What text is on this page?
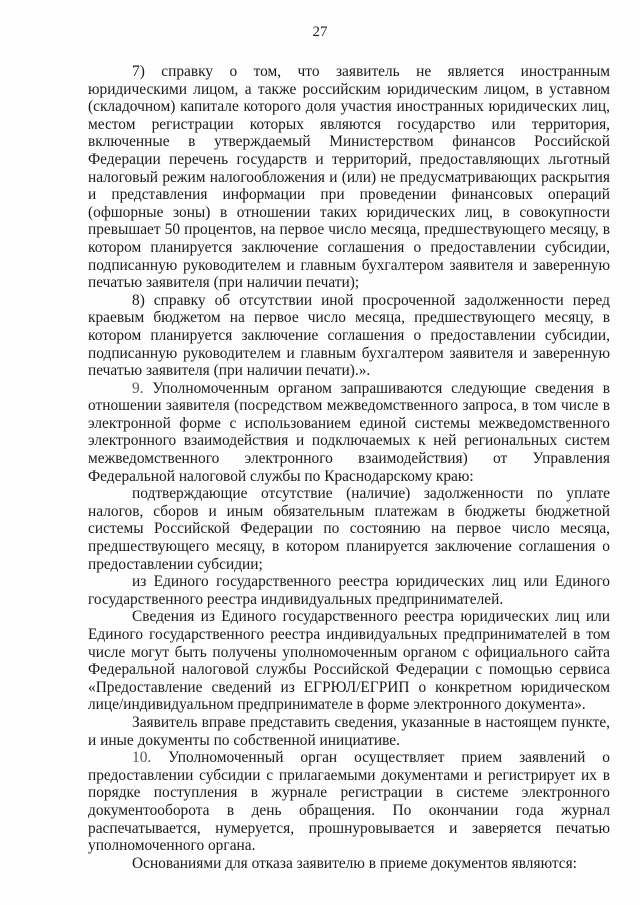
27

7) справку о том, что заявитель не является иностранным юридическими лицом, а также российским юридическим лицом, в уставном (складочном) капитале которого доля участия иностранных юридических лиц, местом регистрации которых являются государство или территория, включенные в утверждаемый Министерством финансов Российской Федерации перечень государств и территорий, предоставляющих льготный налоговый режим налогообложения и (или) не предусматривающих раскрытия и представления информации при проведении финансовых операций (офшорные зоны) в отношении таких юридических лиц, в совокупности превышает 50 процентов, на первое число месяца, предшествующего месяцу, в котором планируется заключение соглашения о предоставлении субсидии, подписанную руководителем и главным бухгалтером заявителя и заверенную печатью заявителя (при наличии печати);

8) справку об отсутствии иной просроченной задолженности перед краевым бюджетом на первое число месяца, предшествующего месяцу, в котором планируется заключение соглашения о предоставлении субсидии, подписанную руководителем и главным бухгалтером заявителя и заверенную печатью заявителя (при наличии печати).».

9. Уполномоченным органом запрашиваются следующие сведения в отношении заявителя (посредством межведомственного запроса, в том числе в электронной форме с использованием единой системы межведомственного электронного взаимодействия и подключаемых к ней региональных систем межведомственного электронного взаимодействия) от Управления Федеральной налоговой службы по Краснодарскому краю:

подтверждающие отсутствие (наличие) задолженности по уплате налогов, сборов и иным обязательным платежам в бюджеты бюджетной системы Российской Федерации по состоянию на первое число месяца, предшествующего месяцу, в котором планируется заключение соглашения о предоставлении субсидии;

из Единого государственного реестра юридических лиц или Единого государственного реестра индивидуальных предпринимателей.

Сведения из Единого государственного реестра юридических лиц или Единого государственного реестра индивидуальных предпринимателей в том числе могут быть получены уполномоченным органом с официального сайта Федеральной налоговой службы Российской Федерации с помощью сервиса «Предоставление сведений из ЕГРЮЛ/ЕГРИП о конкретном юридическом лице/индивидуальном предпринимателе в форме электронного документа».

Заявитель вправе представить сведения, указанные в настоящем пункте, и иные документы по собственной инициативе.

10. Уполномоченный орган осуществляет прием заявлений о предоставлении субсидии с прилагаемыми документами и регистрирует их в порядке поступления в журнале регистрации в системе электронного документооборота в день обращения. По окончании года журнал распечатывается, нумеруется, прошнуровывается и заверяется печатью уполномоченного органа.

Основаниями для отказа заявителю в приеме документов являются:
